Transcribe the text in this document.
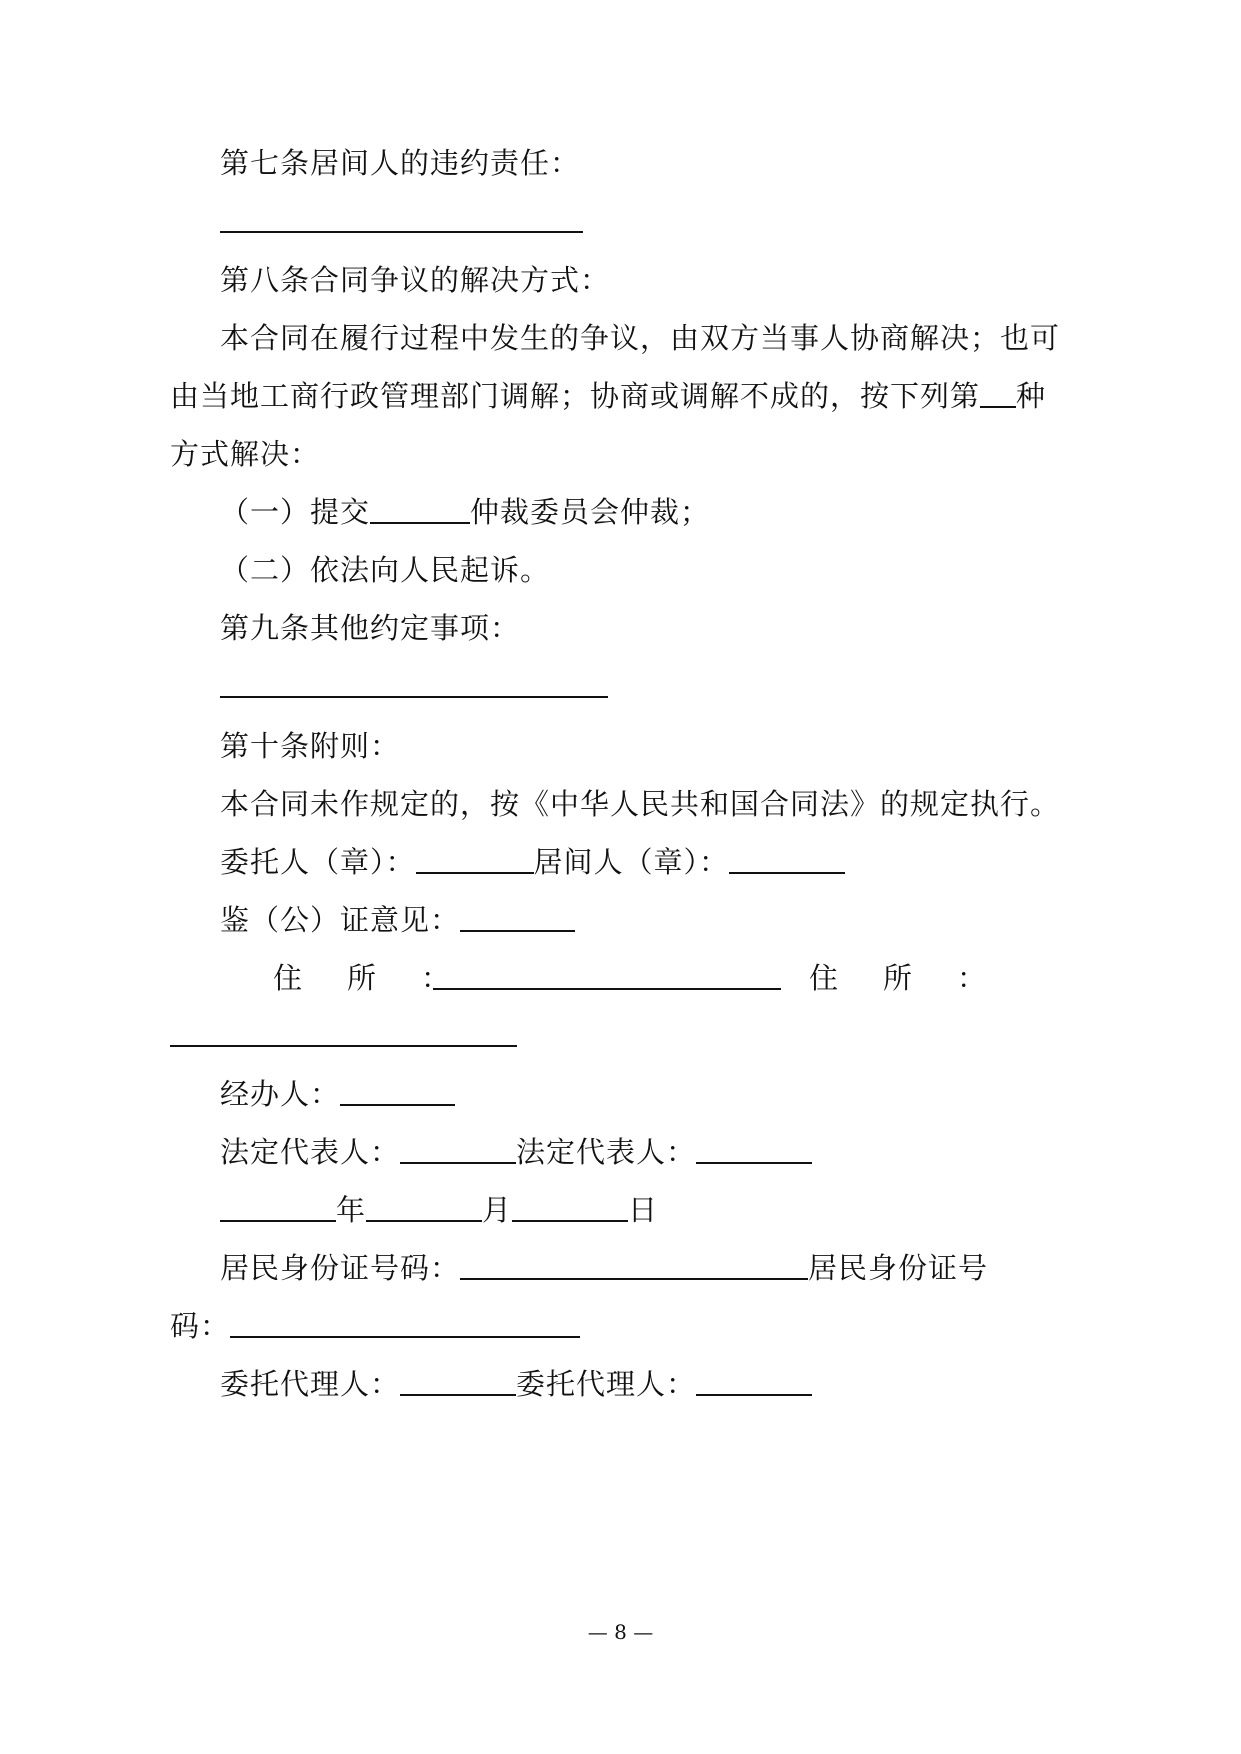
第七条居间人的违约责任：
第八条合同争议的解决方式：
本合同在履行过程中发生的争议，由双方当事人协商解决；也可
由当地工商行政管理部门调解；协商或调解不成的，按下列第 种
方式解决：
（一）提交	仲裁委员会仲裁；
（二）依法向人民起诉。
第九条其他约定事项：
第十条附则：
本合同未作规定的，按《中华人民共和国合同法》的规定执行。
委托人（章）：	居间人（章）：
鉴（公）证意见：
住　所　：	住　所　：
经办人：
法定代表人：	法定代表人：
年	月	日
居民身份证号码：	居民身份证号
码：
委托代理人：	委托代理人：
— 8 —
